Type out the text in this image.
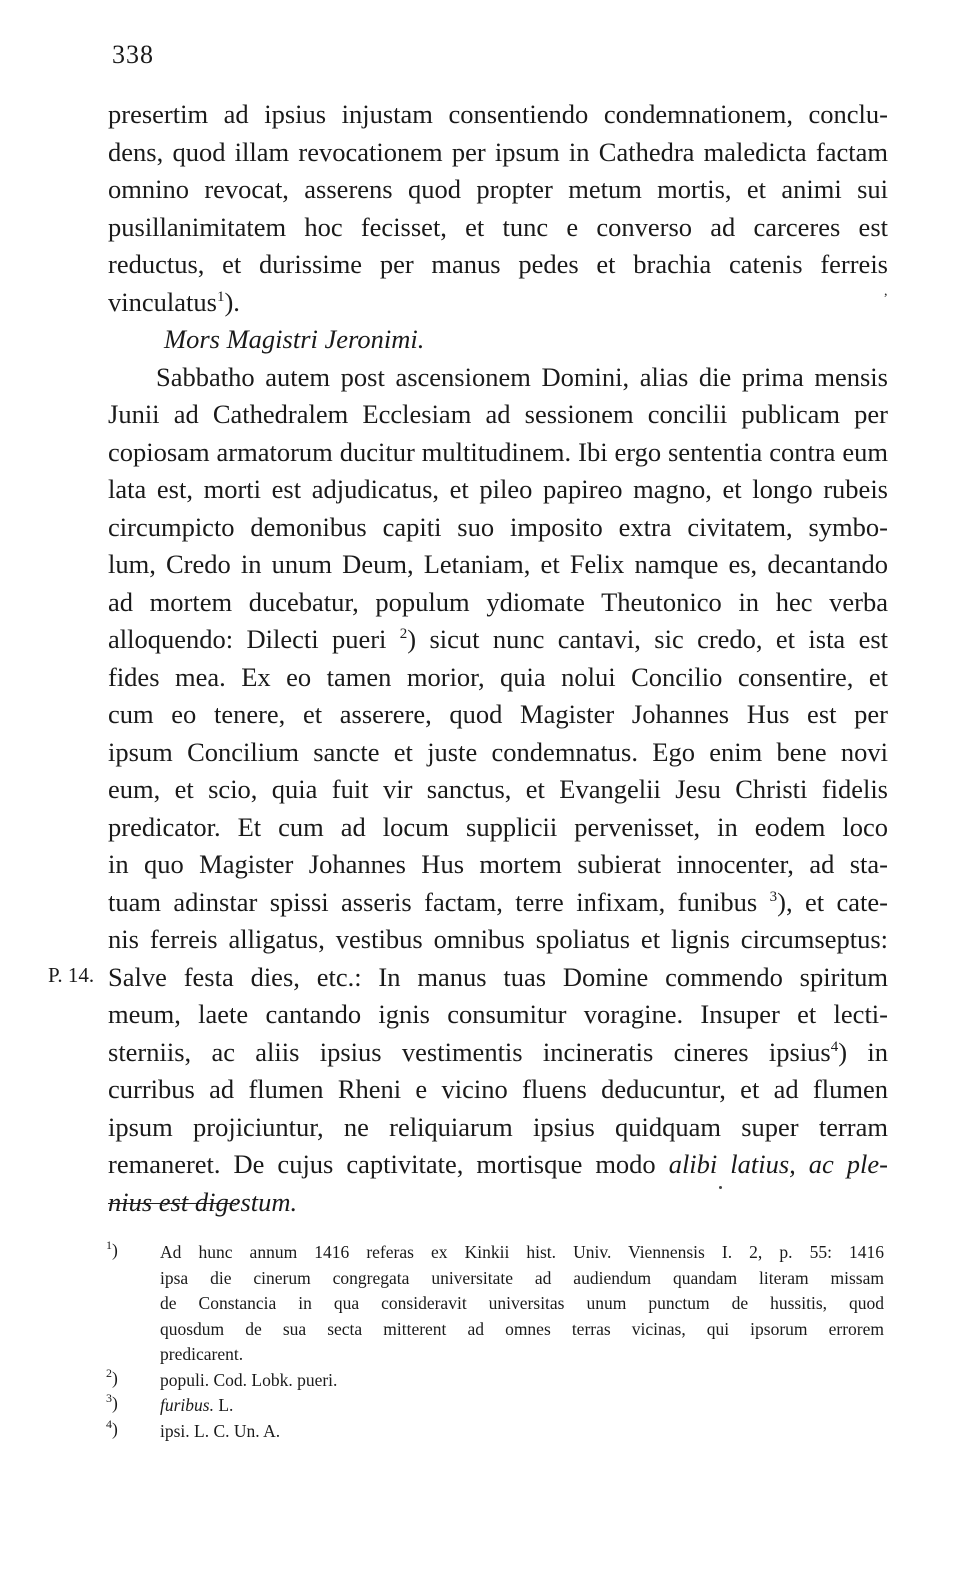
338
,
presertim ad ipsius injustam consentiendo condemnationem, conclu-
dens, quod illam revocationem per ipsum in Cathedra maledicta factam
omnino revocat, asserens quod propter metum mortis, et animi sui
pusillanimitatem hoc fecisset, et tunc e converso ad carceres est
reductus, et durissime per manus pedes et brachia catenis ferreis
vinculatus$^1$).
Mors Magistri Jeronimi.
Sabbatho autem post ascensionem Domini, alias die prima mensis
Junii ad Cathedralem Ecclesiam ad sessionem concilii publicam per
copiosam armatorum ducitur multitudinem. Ibi ergo sententia contra eum
lata est, morti est adjudicatus, et pileo papireo magno, et longo rubeis
circumpicto demonibus capiti suo imposito extra civitatem, symbo-
lum, Credo in unum Deum, Letaniam, et Felix namque es, decantando
ad mortem ducebatur, populum ydiomate Theutonico in hec verba
alloquendo: Dilecti pueri $^2$) sicut nunc cantavi, sic credo, et ista est
fides mea. Ex eo tamen morior, quia nolui Concilio consentire, et
cum eo tenere, et asserere, quod Magister Johannes Hus est per
ipsum Concilium sancte et juste condemnatus. Ego enim bene novi
eum, et scio, quia fuit vir sanctus, et Evangelii Jesu Christi fidelis
predicator. Et cum ad locum supplicii pervenisset, in eodem loco
in quo Magister Johannes Hus mortem subierat innocenter, ad sta-
tuam adinstar spissi asseris factam, terre infixam, funibus $^3$), et cate-
nis ferreis alligatus, vestibus omnibus spoliatus et lignis circumseptus:
Salve festa dies, etc.: In manus tuas Domine commendo spiritum
meum, laete cantando ignis consumitur voragine. Insuper et lecti-
sterniis, ac aliis ipsius vestimentis incineratis cineres ipsius$^4$) in
curribus ad flumen Rheni e vicino fluens deducuntur, et ad flumen
ipsum projiciuntur, ne reliquiarum ipsius quidquam super terram
remaneret. De cujus captivitate, mortisque modo alibi latius, ac ple-
nius est digestum.
P. 14.
$^1$)	Ad hunc annum 1416 referas ex Kinkii hist. Univ. Viennensis I. 2, p. 55: 1416
ipsa die cinerum congregata universitate ad audiendum quandam literam missam
de Constancia in qua consideravit universitas unum punctum de hussitis, quod
quosdum de sua secta mitterent ad omnes terras vicinas, qui ipsorum errorem
predicarent.
$^2$)	populi. Cod. Lobk. pueri.
$^3$)	furibus. L.
$^4$)	ipsi. L. C. Un. A.
